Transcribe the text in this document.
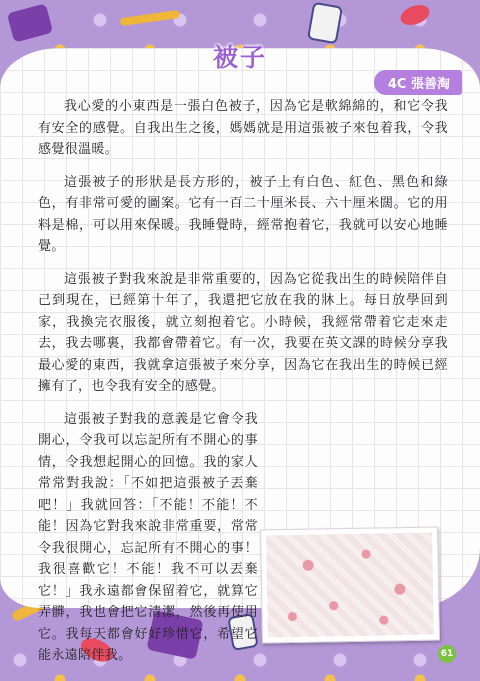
被子
4C 張善淘

我心愛的小東西是一張白色被子，因為它是軟綿綿的，和它令我有安全的感覺。自我出生之後，媽媽就是用這張被子來包着我，令我感覺很溫暖。

這張被子的形狀是長方形的，被子上有白色、紅色、黑色和綠色，有非常可愛的圖案。它有一百二十厘米長、六十厘米闊。它的用料是棉，可以用來保暖。我睡覺時，經常抱着它，我就可以安心地睡覺。

這張被子對我來說是非常重要的，因為它從我出生的時候陪伴自己到現在，已經第十年了，我還把它放在我的牀上。每日放學回到家，我換完衣服後，就立刻抱着它。小時候，我經常帶着它走來走去，我去哪裏，我都會帶着它。有一次，我要在英文課的時候分享我最心愛的東西，我就拿這張被子來分享，因為它在我出生的時候已經擁有了，也令我有安全的感覺。

這張被子對我的意義是它會令我開心，令我可以忘記所有不開心的事情，令我想起開心的回憶。我的家人常常對我說：「不如把這張被子丟棄吧！」我就回答：「不能！不能！不能！因為它對我來說非常重要，常常令我很開心，忘記所有不開心的事！我很喜歡它！不能！我不可以丟棄它！」我永遠都會保留着它，就算它弄髒，我也會把它清潔，然後再使用它。我每天都會好好珍惜它，希望它能永遠陪伴我。	61
